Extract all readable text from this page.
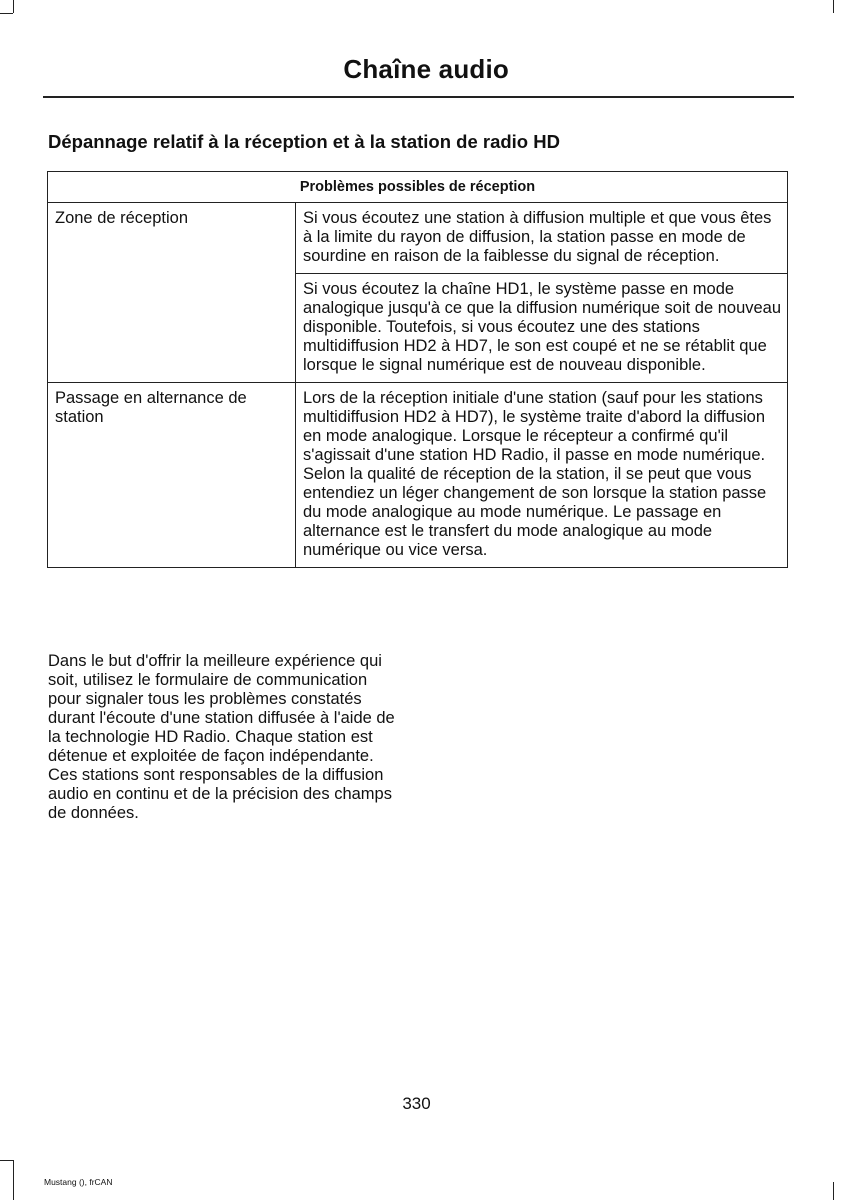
Chaîne audio
Dépannage relatif à la réception et à la station de radio HD
Problèmes possibles de réception	
Zone de réception	Si vous écoutez une station à diffusion multiple et que vous êtes à la limite du rayon de diffusion, la station passe en mode de sourdine en raison de la faiblesse du signal de réception.
	Si vous écoutez la chaîne HD1, le système passe en mode analogique jusqu'à ce que la diffusion numérique soit de nouveau disponible. Toutefois, si vous écoutez une des stations multidiffusion HD2 à HD7, le son est coupé et ne se rétablit que lorsque le signal numérique est de nouveau disponible.
Passage en alternance de station	Lors de la réception initiale d'une station (sauf pour les stations multidiffusion HD2 à HD7), le système traite d'abord la diffusion en mode analogique. Lorsque le récepteur a confirmé qu'il s'agissait d'une station HD Radio, il passe en mode numérique. Selon la qualité de réception de la station, il se peut que vous entendiez un léger changement de son lorsque la station passe du mode analogique au mode numérique. Le passage en alternance est le transfert du mode analogique au mode numérique ou vice versa.
Dans le but d'offrir la meilleure expérience qui soit, utilisez le formulaire de communication pour signaler tous les problèmes constatés durant l'écoute d'une station diffusée à l'aide de la technologie HD Radio. Chaque station est détenue et exploitée de façon indépendante. Ces stations sont responsables de la diffusion audio en continu et de la précision des champs de données.
330
Mustang (), frCAN
